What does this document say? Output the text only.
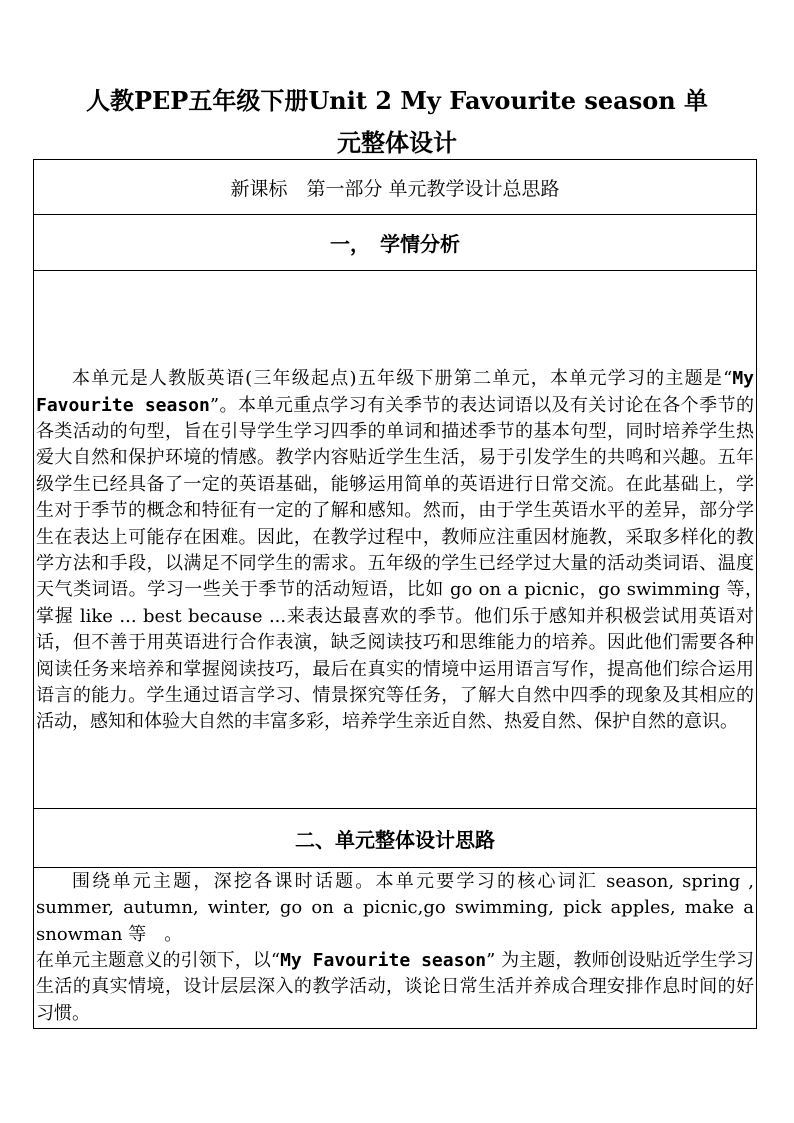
人教PEP五年级下册Unit 2 My Favourite season 单
元整体设计
新课标　第一部分 单元教学设计总思路
一，　学情分析

本单元是人教版英语(三年级起点)五年级下册第二单元，本单元学习的主题是“My Favourite season”。本单元重点学习有关季节的表达词语以及有关讨论在各个季节的各类活动的句型，旨在引导学生学习四季的单词和描述季节的基本句型，同时培养学生热爱大自然和保护环境的情感。教学内容贴近学生生活，易于引发学生的共鸣和兴趣。五年级学生已经具备了一定的英语基础，能够运用简单的英语进行日常交流。在此基础上，学生对于季节的概念和特征有一定的了解和感知。然而，由于学生英语水平的差异，部分学生在表达上可能存在困难。因此，在教学过程中，教师应注重因材施教，采取多样化的教学方法和手段，以满足不同学生的需求。五年级的学生已经学过大量的活动类词语、温度天气类词语。学习一些关于季节的活动短语，比如 go on a picnic，go swimming 等，　掌握 like ... best because ...来表达最喜欢的季节。他们乐于感知并积极尝试用英语对话，但不善于用英语进行合作表演，缺乏阅读技巧和思维能力的培养。因此他们需要各种阅读任务来培养和掌握阅读技巧，最后在真实的情境中运用语言写作，提高他们综合运用语言的能力。学生通过语言学习、情景探究等任务，了解大自然中四季的现象及其相应的活动，感知和体验大自然的丰富多彩，培养学生亲近自然、热爱自然、保护自然的意识。

二、单元整体设计思路

围绕单元主题，深挖各课时话题。本单元要学习的核心词汇 season, spring , summer, autumn, winter, go on a picnic,go swimming, pick apples, make a snowman 等　。

在单元主题意义的引领下，以“My Favourite season” 为主题，教师创设贴近学生学习生活的真实情境，设计层层深入的教学活动，谈论日常生活并养成合理安排作息时间的好习惯。
